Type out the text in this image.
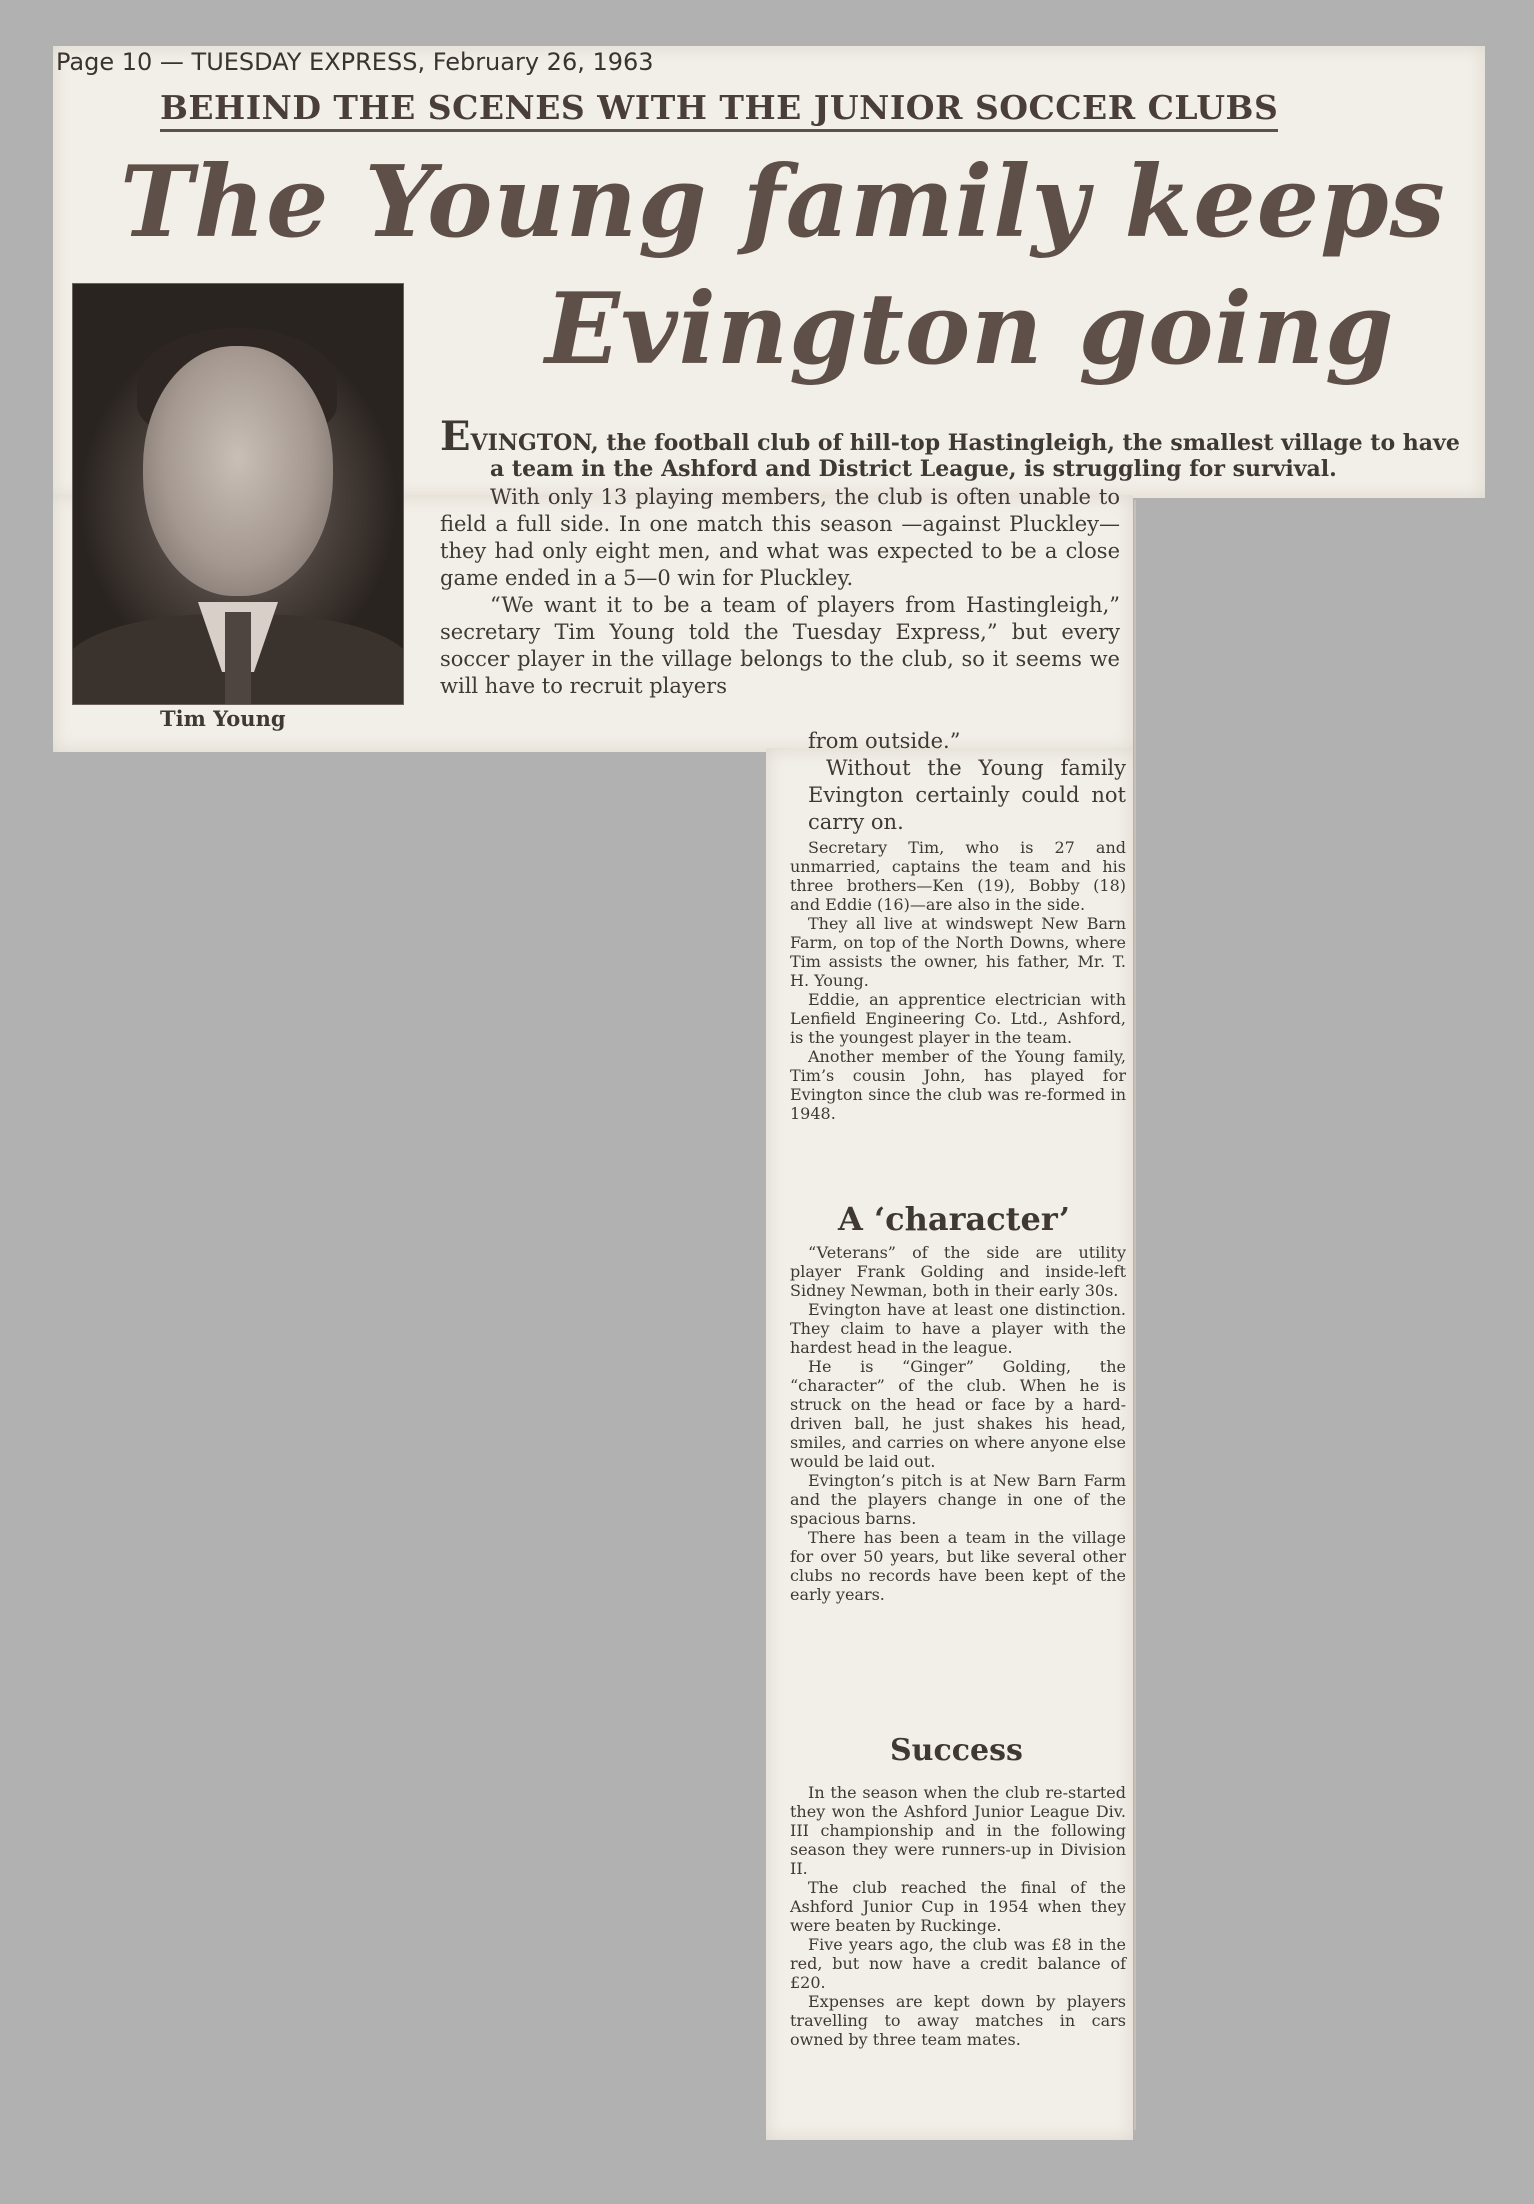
Page 10 — TUESDAY EXPRESS, February 26, 1963
BEHIND THE SCENES WITH THE JUNIOR SOCCER CLUBS
The Young family keeps
Evington going
Tim Young

EVINGTON, the football club of hill-top Hastingleigh, the smallest village to have

a team in the Ashford and District League, is struggling for survival.

With only 13 playing members, the club is often unable to field a full side. In one match this season —against Pluckley—they had only eight men, and what was expected to be a close game ended in a 5—0 win for Pluckley.

“We want it to be a team of players from Hastingleigh,” secretary Tim Young told the Tuesday Express,” but every soccer player in the village belongs to the club, so it seems we will have to recruit players

from outside.”

Without the Young family Evington certainly could not carry on.

Secretary Tim, who is 27 and unmarried, captains the team and his three brothers—Ken (19), Bobby (18) and Eddie (16)—are also in the side.

They all live at windswept New Barn Farm, on top of the North Downs, where Tim assists the owner, his father, Mr. T. H. Young.

Eddie, an apprentice electrician with Lenfield Engineering Co. Ltd., Ashford, is the youngest player in the team.

Another member of the Young family, Tim’s cousin John, has played for Evington since the club was re-formed in 1948.

A ‘character’

“Veterans” of the side are utility player Frank Golding and inside-left Sidney Newman, both in their early 30s.

Evington have at least one distinction. They claim to have a player with the hardest head in the league.

He is “Ginger” Golding, the “character” of the club. When he is struck on the head or face by a hard-driven ball, he just shakes his head, smiles, and carries on where anyone else would be laid out.

Evington’s pitch is at New Barn Farm and the players change in one of the spacious barns.

There has been a team in the village for over 50 years, but like several other clubs no records have been kept of the early years.

Success

In the season when the club re-started they won the Ashford Junior League Div. III championship and in the following season they were runners-up in Division II.

The club reached the final of the Ashford Junior Cup in 1954 when they were beaten by Ruckinge.

Five years ago, the club was £8 in the red, but now have a credit balance of £20.

Expenses are kept down by players travelling to away matches in cars owned by three team mates.
